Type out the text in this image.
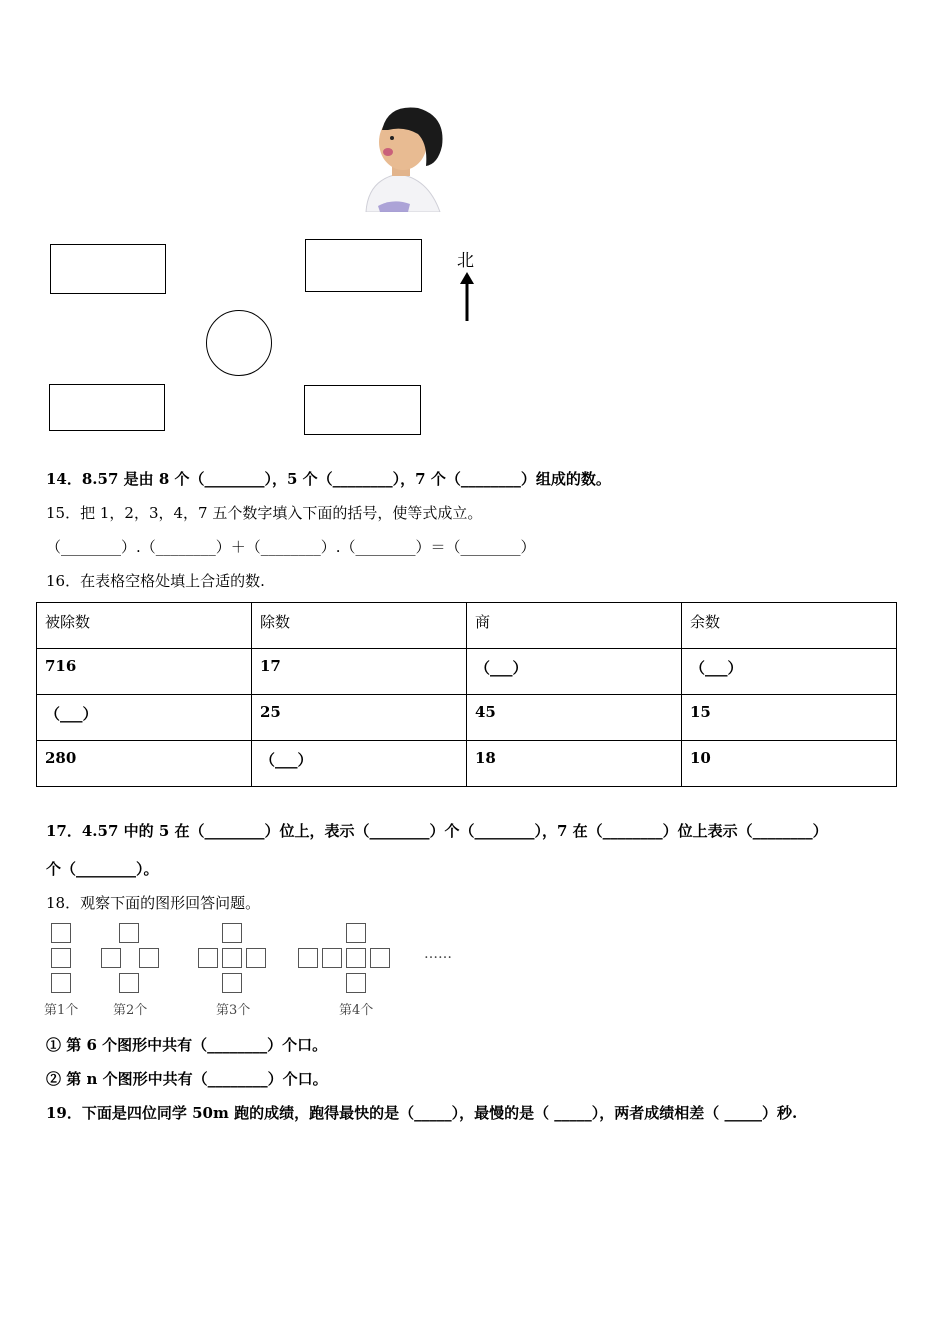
北
14．8.57 是由 8 个（________），5 个（________），7 个（________）组成的数。
15．把 1，2，3，4，7 五个数字填入下面的括号，使等式成立。
（________）.（________）＋（________）.（________）＝（________）
16．在表格空格处填上合适的数.
被除数	除数	商	余数
716	17	（___）	（___）
（___）	25	45	15
280	（___）	18	10
17．4.57 中的 5 在（________）位上，表示（________）个（________），7 在（________）位上表示（________）
个（________）。
18．观察下面的图形回答问题。
……
第1个	第2个	第3个	第4个
① 第 6 个图形中共有（________）个口。
② 第 n 个图形中共有（________）个口。
19．下面是四位同学 50m 跑的成绩，跑得最快的是（_____），最慢的是（ _____），两者成绩相差（ _____）秒.
